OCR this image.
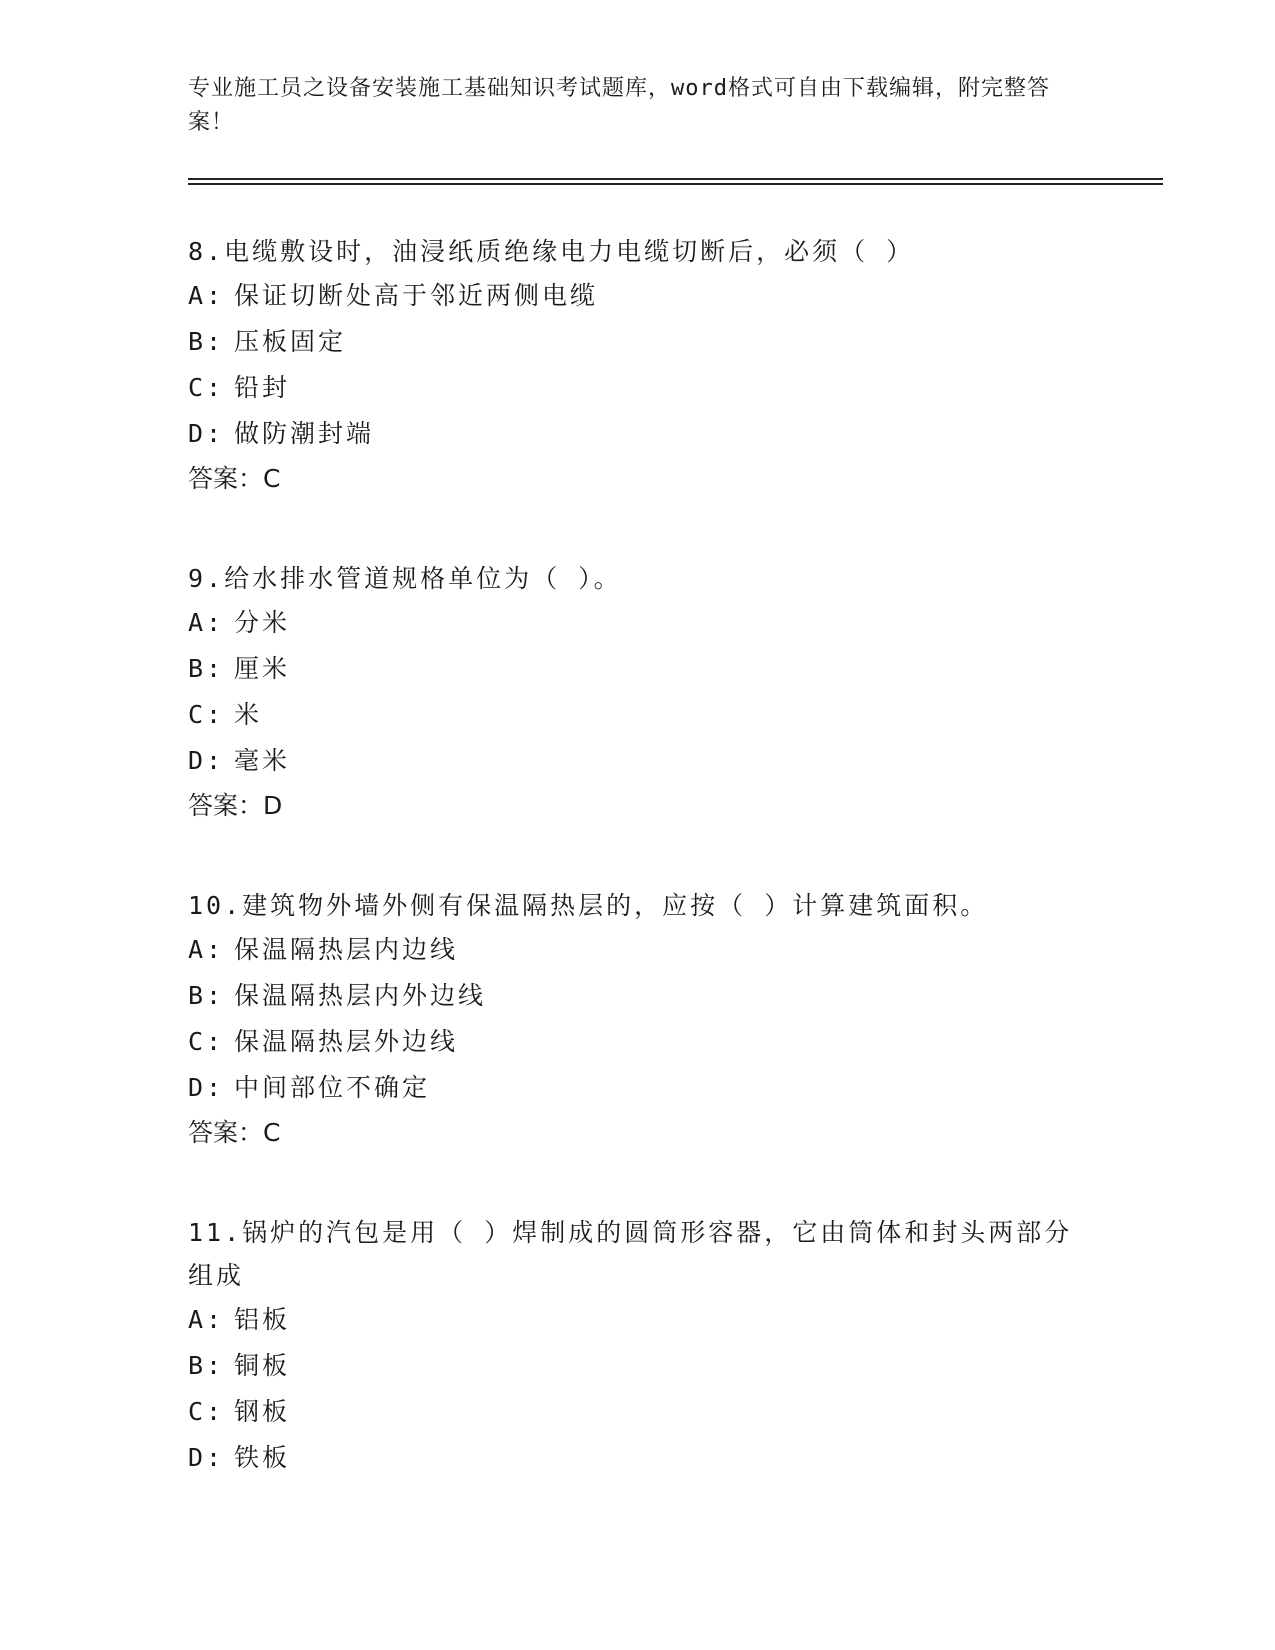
专业施工员之设备安装施工基础知识考试题库，word格式可自由下载编辑，附完整答案！

8.电缆敷设时，油浸纸质绝缘电力电缆切断后，必须（ ）

A: 保证切断处高于邻近两侧电缆

B: 压板固定

C: 铅封

D: 做防潮封端

答案：C

9.给水排水管道规格单位为（ ）。

A: 分米

B: 厘米

C: 米

D: 毫米

答案：D

10.建筑物外墙外侧有保温隔热层的，应按（ ）计算建筑面积。

A: 保温隔热层内边线

B: 保温隔热层内外边线

C: 保温隔热层外边线

D: 中间部位不确定

答案：C

11.锅炉的汽包是用（ ）焊制成的圆筒形容器，它由筒体和封头两部分组成

A: 铝板

B: 铜板

C: 钢板

D: 铁板
